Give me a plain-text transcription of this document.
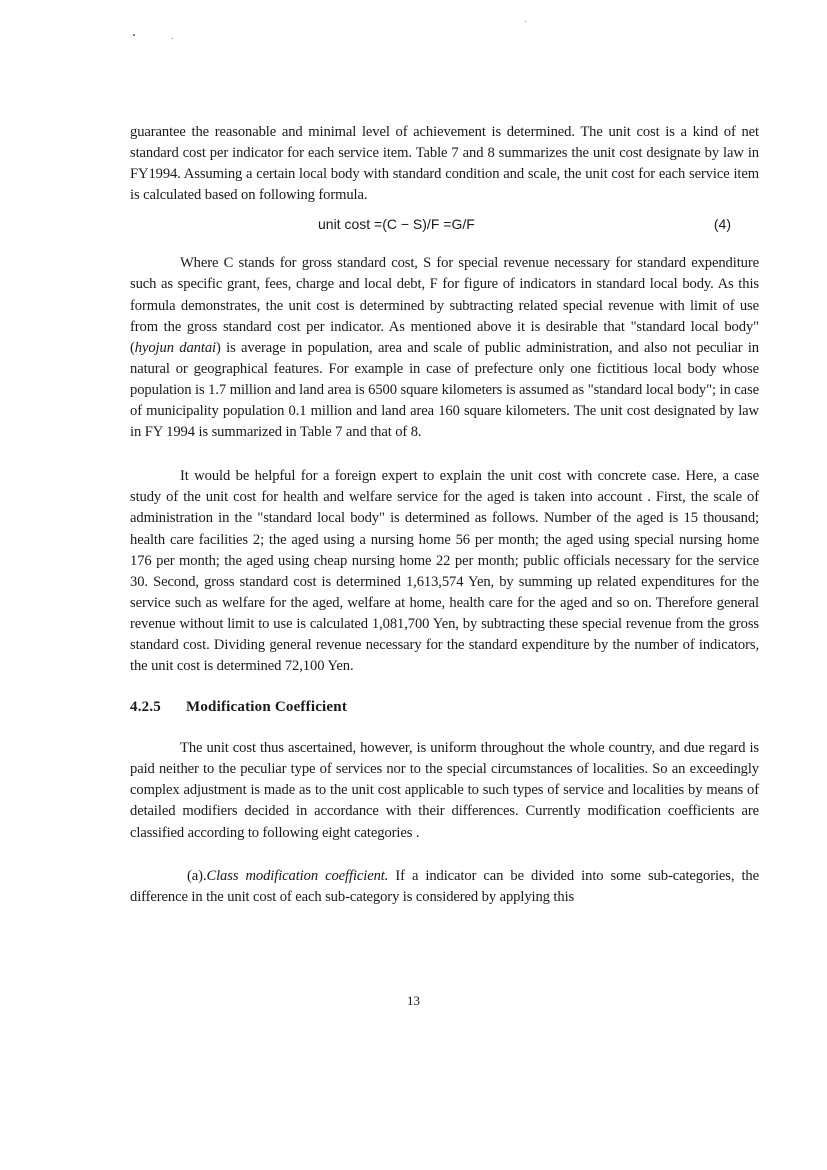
guarantee the reasonable and minimal level of achievement is determined. The unit cost is a kind of net standard cost per indicator for each service item. Table 7 and 8 summarizes the unit cost designate by law in FY1994. Assuming a certain local body with standard condition and scale, the unit cost for each service item is calculated based on following formula.

unit cost =(C − S)/F =G/F	(4)

Where C stands for gross standard cost, S for special revenue necessary for standard expenditure such as specific grant, fees, charge and local debt, F for figure of indicators in standard local body. As this formula demonstrates, the unit cost is determined by subtracting related special revenue with limit of use from the gross standard cost per indicator. As mentioned above it is desirable that "standard local body"(hyojun dantai) is average in population, area and scale of public administration, and also not peculiar in natural or geographical features. For example in case of prefecture only one fictitious local body whose population is 1.7 million and land area is 6500 square kilometers is assumed as "standard local body"; in case of municipality population 0.1 million and land area 160 square kilometers. The unit cost designated by law in FY 1994 is summarized in Table 7 and that of 8.

It would be helpful for a foreign expert to explain the unit cost with concrete case. Here, a case study of the unit cost for health and welfare service for the aged is taken into account . First, the scale of administration in the "standard local body" is determined as follows. Number of the aged is 15 thousand; health care facilities 2; the aged using a nursing home 56 per month; the aged using special nursing home 176 per month; the aged using cheap nursing home 22 per month; public officials necessary for the service 30. Second, gross standard cost is determined 1,613,574 Yen, by summing up related expenditures for the service such as welfare for the aged, welfare at home, health care for the aged and so on. Therefore general revenue without limit to use is calculated 1,081,700 Yen, by subtracting these special revenue from the gross standard cost. Dividing general revenue necessary for the standard expenditure by the number of indicators, the unit cost is determined 72,100 Yen.

4.2.5 Modification Coefficient

The unit cost thus ascertained, however, is uniform throughout the whole country, and due regard is paid neither to the peculiar type of services nor to the special circumstances of localities. So an exceedingly complex adjustment is made as to the unit cost applicable to such types of service and localities by means of detailed modifiers decided in accordance with their differences. Currently modification coefficients are classified according to following eight categories .

(a).Class modification coefficient. If a indicator can be divided into some sub-categories, the difference in the unit cost of each sub-category is considered by applying this

13
